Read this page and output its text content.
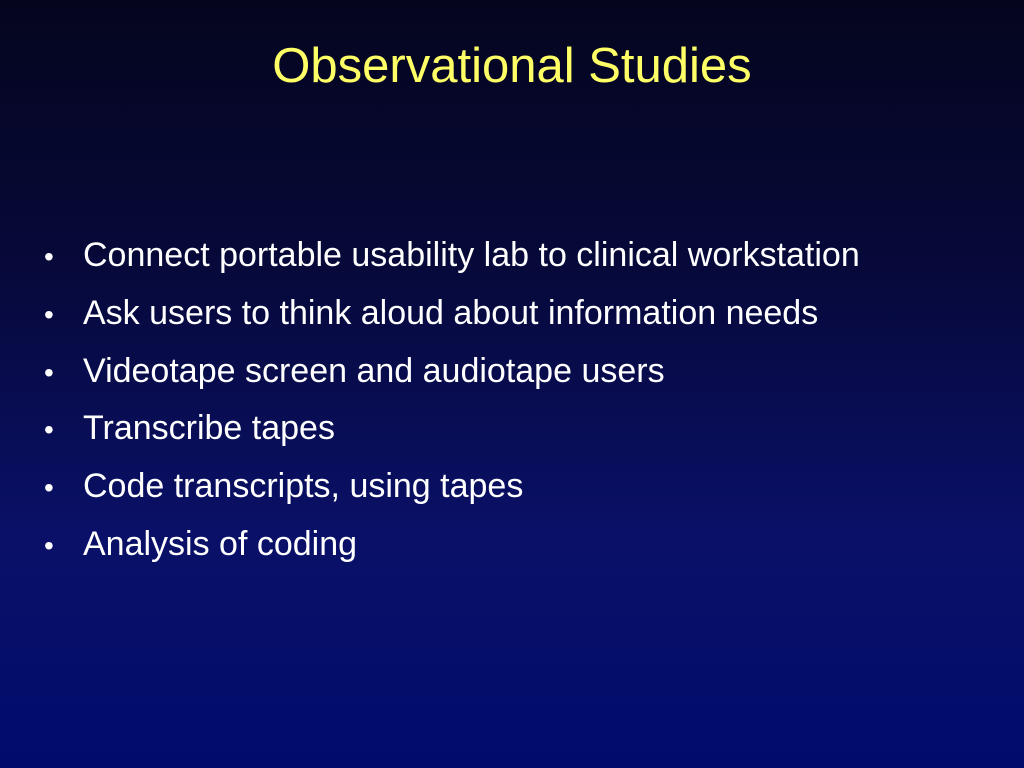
Observational Studies
• Connect portable usability lab to clinical workstation
• Ask users to think aloud about information needs
• Videotape screen and audiotape users
• Transcribe tapes
• Code transcripts, using tapes
• Analysis of coding
